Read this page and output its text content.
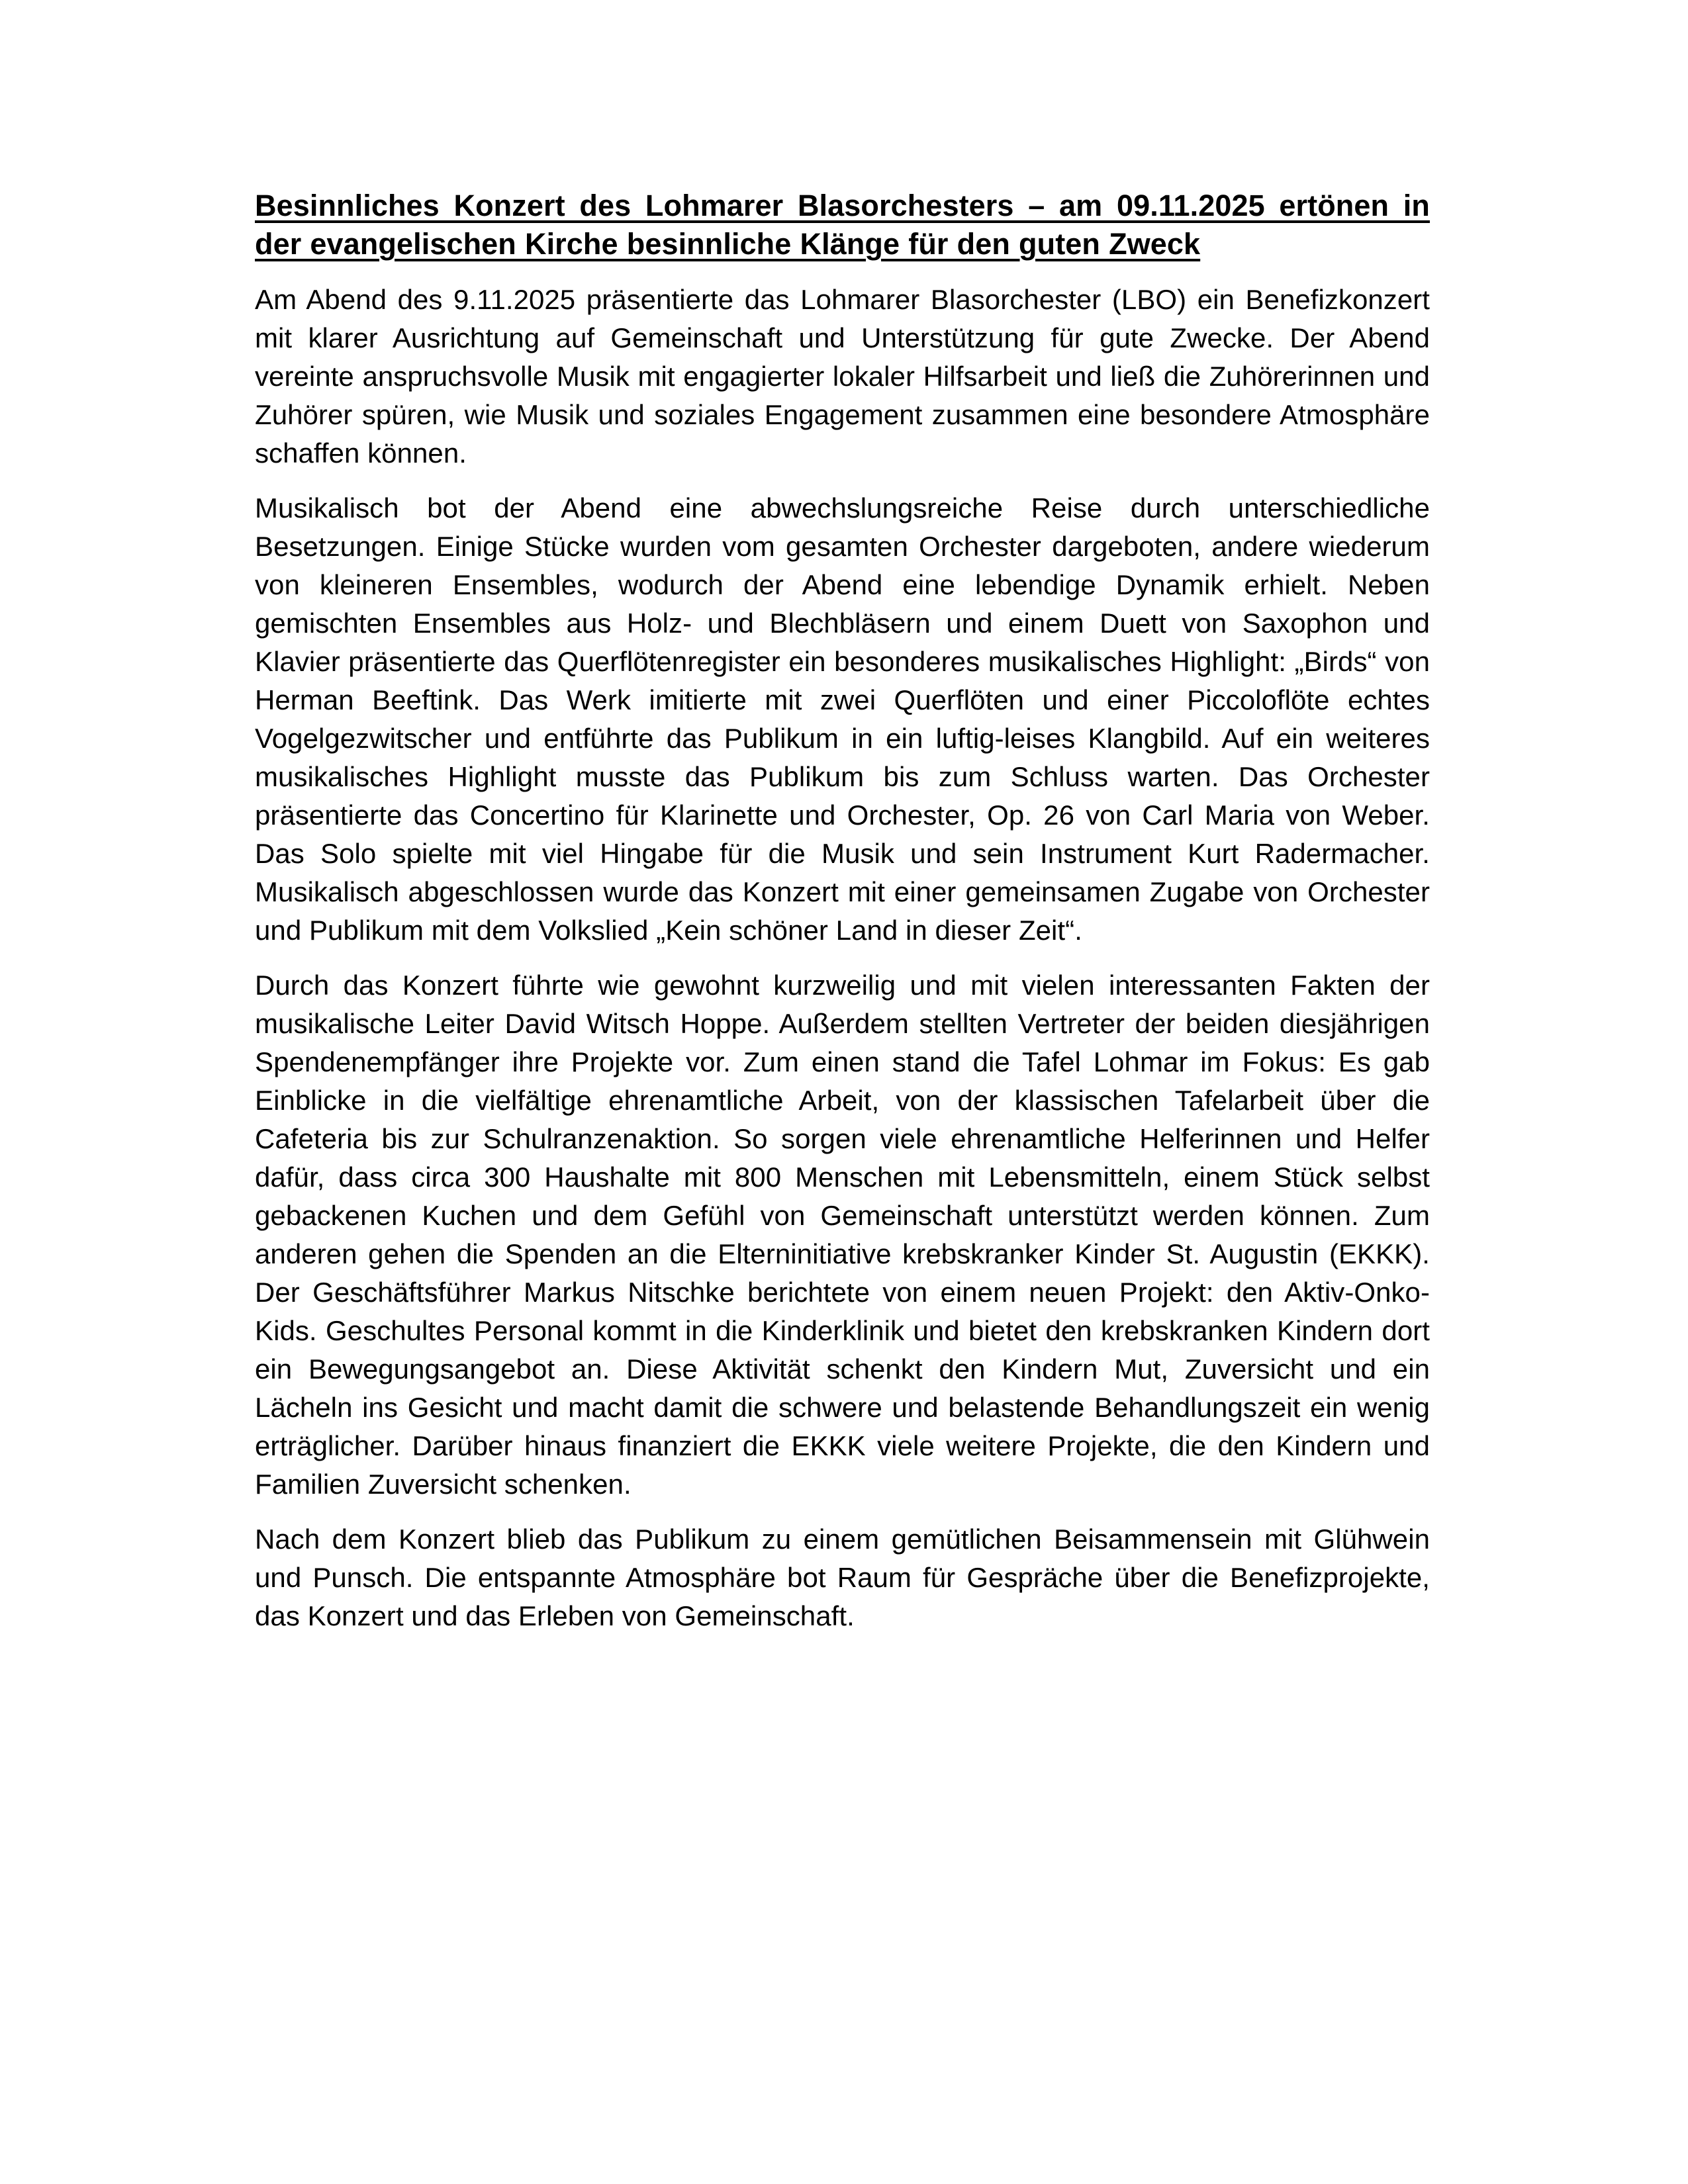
Besinnliches Konzert des Lohmarer Blasorchesters – am 09.11.2025 ertönen in der evangelischen Kirche besinnliche Klänge für den guten Zweck

Am Abend des 9.11.2025 präsentierte das Lohmarer Blasorchester (LBO) ein Benefizkonzert mit klarer Ausrichtung auf Gemeinschaft und Unterstützung für gute Zwecke. Der Abend vereinte anspruchsvolle Musik mit engagierter lokaler Hilfsarbeit und ließ die Zuhörerinnen und Zuhörer spüren, wie Musik und soziales Engagement zusammen eine besondere Atmosphäre schaffen können.

Musikalisch bot der Abend eine abwechslungsreiche Reise durch unterschiedliche Besetzungen. Einige Stücke wurden vom gesamten Orchester dargeboten, andere wiederum von kleineren Ensembles, wodurch der Abend eine lebendige Dynamik erhielt. Neben gemischten Ensembles aus Holz- und Blechbläsern und einem Duett von Saxophon und Klavier präsentierte das Querflötenregister ein besonderes musikalisches Highlight: „Birds“ von Herman Beeftink. Das Werk imitierte mit zwei Querflöten und einer Piccoloflöte echtes Vogelgezwitscher und entführte das Publikum in ein luftig-leises Klangbild. Auf ein weiteres musikalisches Highlight musste das Publikum bis zum Schluss warten. Das Orchester präsentierte das Concertino für Klarinette und Orchester, Op. 26 von Carl Maria von Weber. Das Solo spielte mit viel Hingabe für die Musik und sein Instrument Kurt Radermacher. Musikalisch abgeschlossen wurde das Konzert mit einer gemeinsamen Zugabe von Orchester und Publikum mit dem Volkslied „Kein schöner Land in dieser Zeit“.

Durch das Konzert führte wie gewohnt kurzweilig und mit vielen interessanten Fakten der musikalische Leiter David Witsch Hoppe. Außerdem stellten Vertreter der beiden diesjährigen Spendenempfänger ihre Projekte vor. Zum einen stand die Tafel Lohmar im Fokus: Es gab Einblicke in die vielfältige ehrenamtliche Arbeit, von der klassischen Tafelarbeit über die Cafeteria bis zur Schulranzenaktion. So sorgen viele ehrenamtliche Helferinnen und Helfer dafür, dass circa 300 Haushalte mit 800 Menschen mit Lebensmitteln, einem Stück selbst gebackenen Kuchen und dem Gefühl von Gemeinschaft unterstützt werden können. Zum anderen gehen die Spenden an die Elterninitiative krebskranker Kinder St. Augustin (EKKK). Der Geschäftsführer Markus Nitschke berichtete von einem neuen Projekt: den Aktiv-Onko-Kids. Geschultes Personal kommt in die Kinderklinik und bietet den krebskranken Kindern dort ein Bewegungsangebot an. Diese Aktivität schenkt den Kindern Mut, Zuversicht und ein Lächeln ins Gesicht und macht damit die schwere und belastende Behandlungszeit ein wenig erträglicher. Darüber hinaus finanziert die EKKK viele weitere Projekte, die den Kindern und Familien Zuversicht schenken.

Nach dem Konzert blieb das Publikum zu einem gemütlichen Beisammensein mit Glühwein und Punsch. Die entspannte Atmosphäre bot Raum für Gespräche über die Benefizprojekte, das Konzert und das Erleben von Gemeinschaft.
